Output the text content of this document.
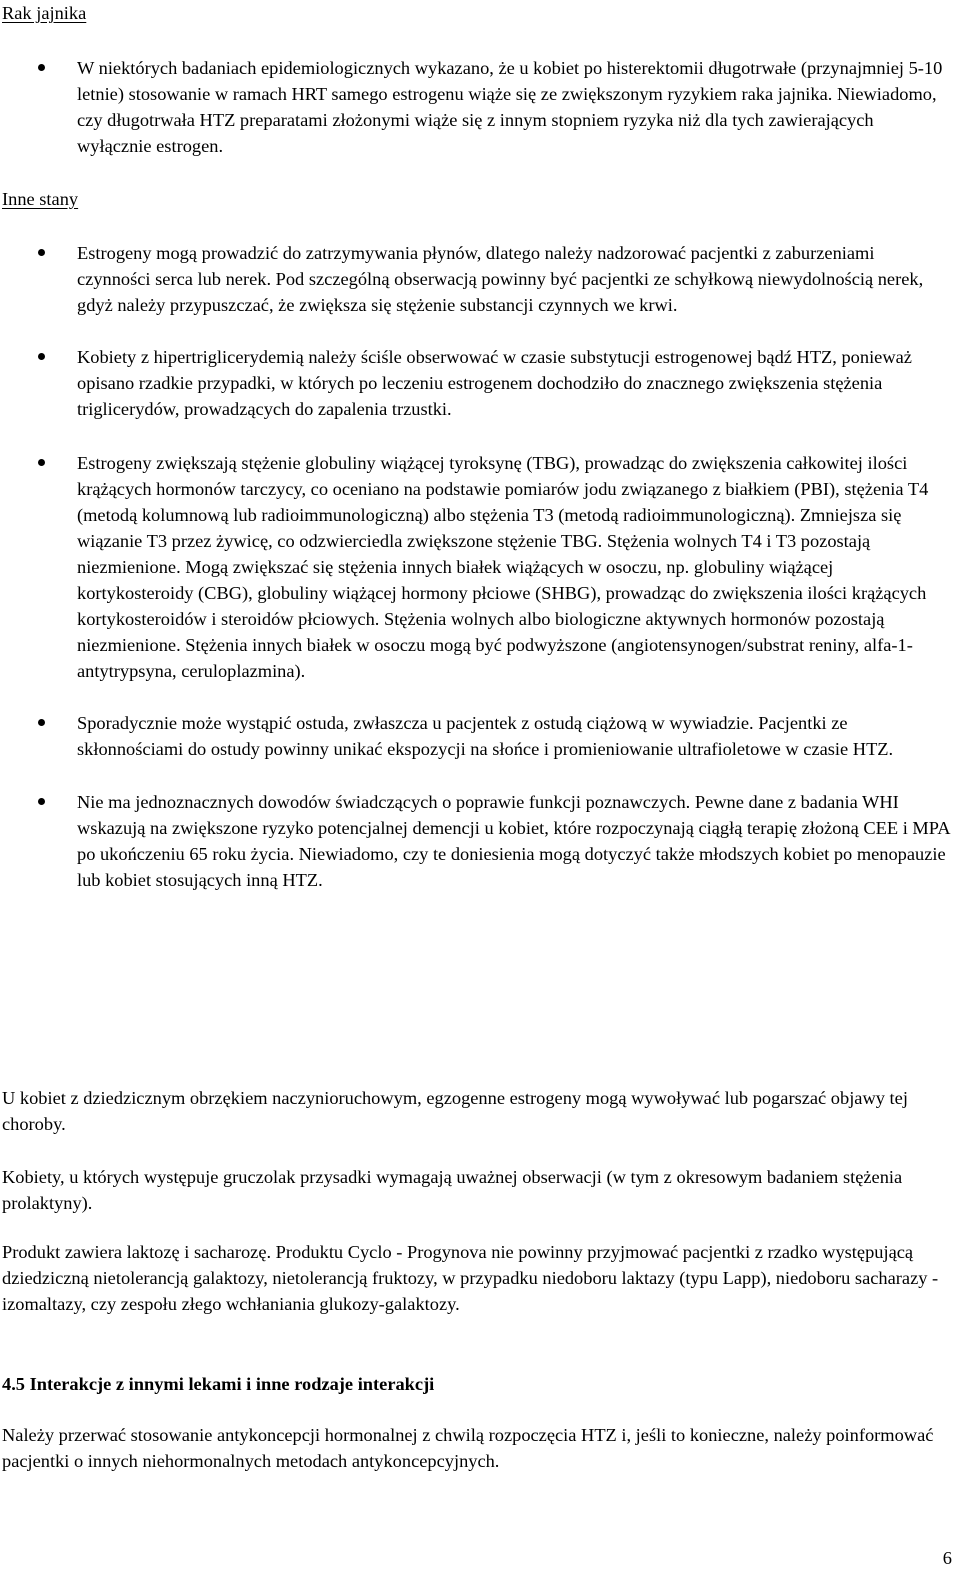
Rak jajnika
W niektórych badaniach epidemiologicznych wykazano, że u kobiet po histerektomii długotrwałe (przynajmniej 5-10 letnie) stosowanie w ramach HRT samego estrogenu wiąże się ze zwiększonym ryzykiem raka jajnika. Niewiadomo, czy długotrwała HTZ preparatami złożonymi wiąże się z innym stopniem ryzyka niż dla tych zawierających wyłącznie estrogen.
Inne stany
Estrogeny mogą prowadzić do zatrzymywania płynów, dlatego należy nadzorować pacjentki z zaburzeniami czynności serca lub nerek. Pod szczególną obserwacją powinny być pacjentki ze schyłkową niewydolnością nerek, gdyż należy przypuszczać, że zwiększa się stężenie substancji czynnych we krwi.
Kobiety z hipertriglicerydemią należy ściśle obserwować w czasie substytucji estrogenowej bądź HTZ, ponieważ opisano rzadkie przypadki, w których po leczeniu estrogenem dochodziło do znacznego zwiększenia stężenia triglicerydów, prowadzących do zapalenia trzustki.
Estrogeny zwiększają stężenie globuliny wiążącej tyroksynę (TBG), prowadząc do zwiększenia całkowitej ilości krążących hormonów tarczycy, co oceniano na podstawie pomiarów jodu związanego z białkiem (PBI), stężenia T4 (metodą kolumnową lub radioimmunologiczną) albo stężenia T3 (metodą radioimmunologiczną). Zmniejsza się wiązanie T3 przez żywicę, co odzwierciedla zwiększone stężenie TBG. Stężenia wolnych T4 i T3 pozostają niezmienione. Mogą zwiększać się stężenia innych białek wiążących w osoczu, np. globuliny wiążącej kortykosteroidy (CBG), globuliny wiążącej hormony płciowe (SHBG), prowadząc do zwiększenia ilości krążących kortykosteroidów i steroidów płciowych. Stężenia wolnych albo biologiczne aktywnych hormonów pozostają niezmienione. Stężenia innych białek w osoczu mogą być podwyższone (angiotensynogen/substrat reniny, alfa-1-antytrypsyna, ceruloplazmina).
Sporadycznie może wystąpić ostuda, zwłaszcza u pacjentek z ostudą ciążową w wywiadzie. Pacjentki ze skłonnościami do ostudy powinny unikać ekspozycji na słońce i promieniowanie ultrafioletowe w czasie HTZ.
Nie ma jednoznacznych dowodów świadczących o poprawie funkcji poznawczych. Pewne dane z badania WHI wskazują na zwiększone ryzyko potencjalnej demencji u kobiet, które rozpoczynają ciągłą terapię złożoną CEE i MPA po ukończeniu 65 roku życia. Niewiadomo, czy te doniesienia mogą dotyczyć także młodszych kobiet po menopauzie lub kobiet stosujących inną HTZ.

U kobiet z dziedzicznym obrzękiem naczynioruchowym, egzogenne estrogeny mogą wywoływać lub pogarszać objawy tej choroby.

Kobiety, u których występuje gruczolak przysadki wymagają uważnej obserwacji (w tym z okresowym badaniem stężenia prolaktyny).

Produkt zawiera laktozę i sacharozę. Produktu Cyclo - Progynova nie powinny przyjmować pacjentki z rzadko występującą dziedziczną nietolerancją galaktozy, nietolerancją fruktozy, w przypadku niedoboru laktazy (typu Lapp), niedoboru sacharazy - izomaltazy, czy zespołu złego wchłaniania glukozy-galaktozy.

4.5 Interakcje z innymi lekami i inne rodzaje interakcji

Należy przerwać stosowanie antykoncepcji hormonalnej z chwilą rozpoczęcia HTZ i, jeśli to konieczne, należy poinformować pacjentki o innych niehormonalnych metodach antykoncepcyjnych.

6
